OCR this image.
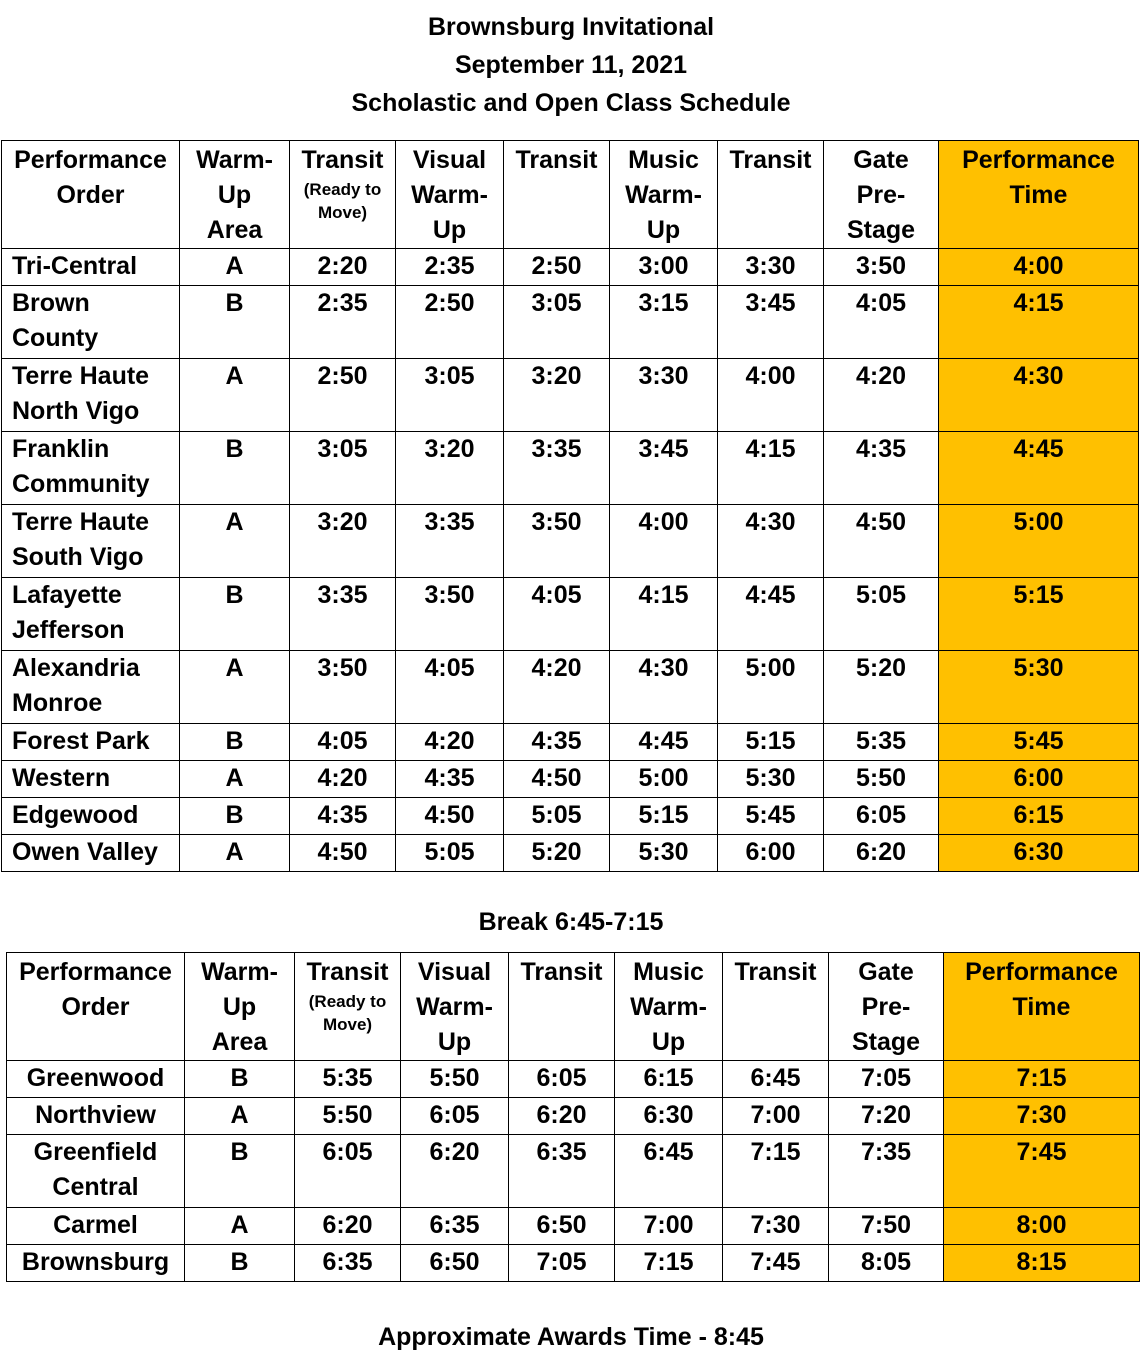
Brownsburg Invitational
September 11, 2021
Scholastic and Open Class Schedule
Performance
Order	Warm-
Up
Area	Transit
(Ready to
Move)	Visual
Warm-
Up	Transit	Music
Warm-
Up	Transit	Gate
Pre-
Stage	Performance
Time

Tri-Central	A	2:20	2:35	2:50	3:00	3:30	3:50	4:00

Brown
County	B	2:35	2:50	3:05	3:15	3:45	4:05	4:15

Terre Haute
North Vigo	A	2:50	3:05	3:20	3:30	4:00	4:20	4:30

Franklin
Community	B	3:05	3:20	3:35	3:45	4:15	4:35	4:45

Terre Haute
South Vigo	A	3:20	3:35	3:50	4:00	4:30	4:50	5:00

Lafayette
Jefferson	B	3:35	3:50	4:05	4:15	4:45	5:05	5:15

Alexandria
Monroe	A	3:50	4:05	4:20	4:30	5:00	5:20	5:30

Forest Park	B	4:05	4:20	4:35	4:45	5:15	5:35	5:45

Western	A	4:20	4:35	4:50	5:00	5:30	5:50	6:00

Edgewood	B	4:35	4:50	5:05	5:15	5:45	6:05	6:15

Owen Valley	A	4:50	5:05	5:20	5:30	6:00	6:20	6:30
Break 6:45-7:15
Performance
Order	Warm-
Up
Area	Transit
(Ready to
Move)	Visual
Warm-
Up	Transit	Music
Warm-
Up	Transit	Gate
Pre-
Stage	Performance
Time

Greenwood	B	5:35	5:50	6:05	6:15	6:45	7:05	7:15

Northview	A	5:50	6:05	6:20	6:30	7:00	7:20	7:30

Greenfield
Central	B	6:05	6:20	6:35	6:45	7:15	7:35	7:45

Carmel	A	6:20	6:35	6:50	7:00	7:30	7:50	8:00

Brownsburg	B	6:35	6:50	7:05	7:15	7:45	8:05	8:15
Approximate Awards Time - 8:45
